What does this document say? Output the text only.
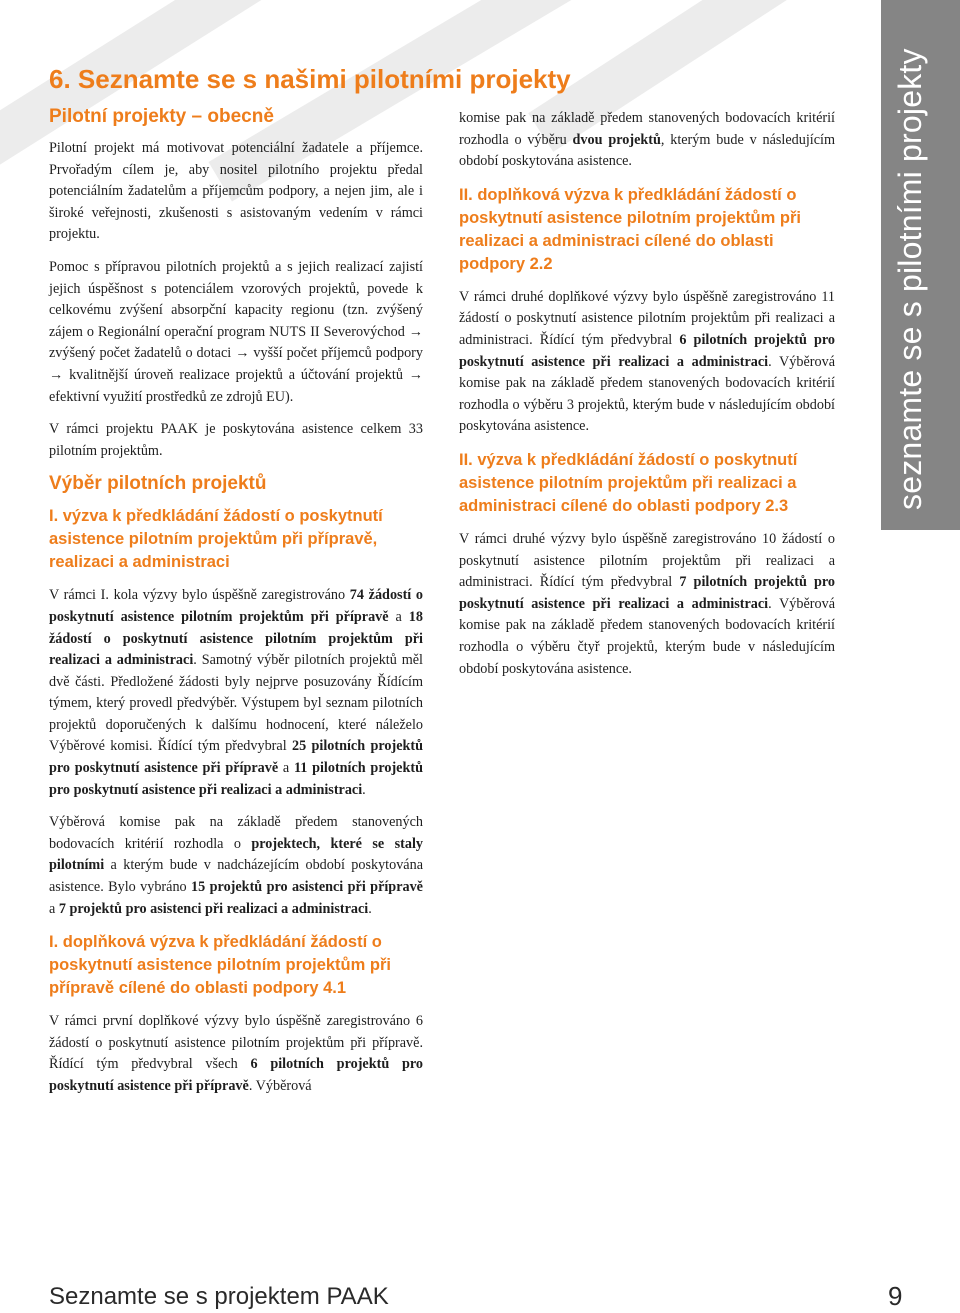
seznamte se s pilotními projekty
6. Seznamte se s našimi pilotními projekty
Pilotní projekty – obecně

Pilotní projekt má motivovat potenciální žadatele a příjemce. Prvořadým cílem je, aby nositel pilotního projektu předal potenciálním žadatelům a příjemcům podpory, a nejen jim, ale i široké veřejnosti, zkušenosti s asistovaným vedením v rámci projektu.

Pomoc s přípravou pilotních projektů a s jejich realizací zajistí jejich úspěšnost s potenciálem vzorových projektů, povede k celkovému zvýšení absorpční kapacity regionu (tzn. zvýšený zájem o Regionální operační program NUTS II Severovýchod → zvýšený počet žadatelů o dotaci → vyšší počet příjemců podpory → kvalitnější úroveň realizace projektů a účtování projektů → efektivní využití prostředků ze zdrojů EU).

V rámci projektu PAAK je poskytována asistence celkem 33 pilotním projektům.

Výběr pilotních projektů
I. výzva k předkládání žádostí o poskytnutí asistence pilotním projektům při přípravě, realizaci a administraci

V rámci I. kola výzvy bylo úspěšně zaregistrováno 74 žádostí o poskytnutí asistence pilotním projektům při přípravě a 18 žádostí o poskytnutí asistence pilotním projektům při realizaci a administraci. Samotný výběr pilotních projektů měl dvě části. Předložené žádosti byly nejprve posuzovány Řídícím týmem, který provedl předvýběr. Výstupem byl seznam pilotních projektů doporučených k dalšímu hodnocení, které náleželo Výběrové komisi. Řídící tým předvybral 25 pilotních projektů pro poskytnutí asistence při přípravě a 11 pilotních projektů pro poskytnutí asistence při realizaci a administraci.

Výběrová komise pak na základě předem stanovených bodovacích kritérií rozhodla o projektech, které se staly pilotními a kterým bude v nadcházejícím období poskytována asistence. Bylo vybráno 15 projektů pro asistenci při přípravě a 7 projektů pro asistenci při realizaci a administraci.

I. doplňková výzva k předkládání žádostí o poskytnutí asistence pilotním projektům při přípravě cílené do oblasti podpory 4.1

V rámci první doplňkové výzvy bylo úspěšně zaregistrováno 6 žádostí o poskytnutí asistence pilotním projektům při přípravě. Řídící tým předvybral všech 6 pilotních projektů pro poskytnutí asistence při přípravě. Výběrová

komise pak na základě předem stanovených bodovacích kritérií rozhodla o výběru dvou projektů, kterým bude v následujícím období poskytována asistence.

II. doplňková výzva k předkládání žádostí o poskytnutí asistence pilotním projektům při realizaci a administraci cílené do oblasti podpory 2.2

V rámci druhé doplňkové výzvy bylo úspěšně zaregistrováno 11 žádostí o poskytnutí asistence pilotním projektům při realizaci a administraci. Řídící tým předvybral 6 pilotních projektů pro poskytnutí asistence při realizaci a administraci. Výběrová komise pak na základě předem stanovených bodovacích kritérií rozhodla o výběru 3 projektů, kterým bude v následujícím období poskytována asistence.

II. výzva k předkládání žádostí o poskytnutí asistence pilotním projektům při realizaci a administraci cílené do oblasti podpory 2.3

V rámci druhé výzvy bylo úspěšně zaregistrováno 10 žádostí o poskytnutí asistence pilotním projektům při realizaci a administraci. Řídící tým předvybral 7 pilotních projektů pro poskytnutí asistence při realizaci a administraci. Výběrová komise pak na základě předem stanovených bodovacích kritérií rozhodla o výběru čtyř projektů, kterým bude v následujícím období poskytována asistence.

Seznamte se s projektem PAAK	9
